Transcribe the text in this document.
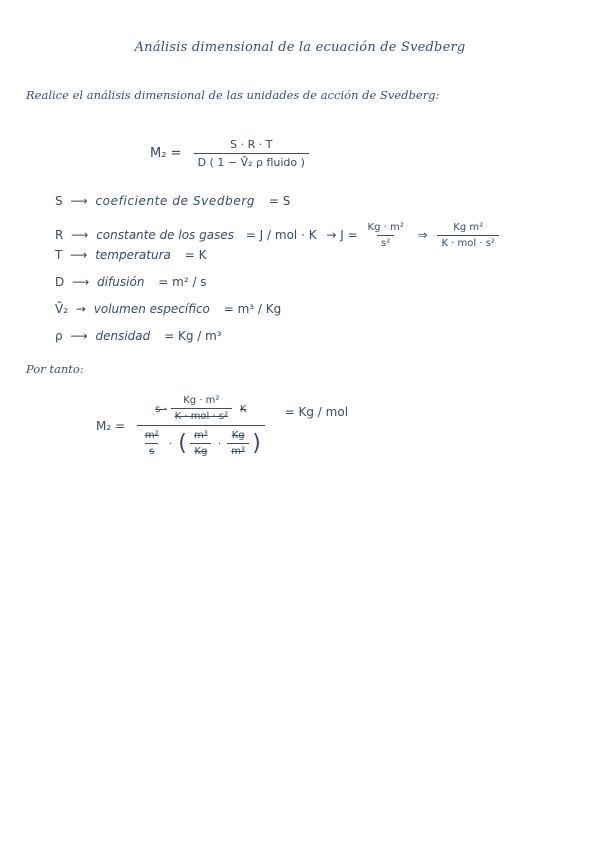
Análisis dimensional de la ecuación de Svedberg
Realice el análisis dimensional de las unidades de acción de Svedberg:
$M_2 = \frac{S \cdot R \cdot T}{\text{D ( 1 − Ṽ₂ ρ fluido )}}$
S ⟶ coeficiente de Svedberg = S
R ⟶ constante de los gases = J / mol · $K \to J = \frac{\text{Kg · m²}}{\text{s²}}$ ⇒ $\frac{\text{Kg m²}}{\text{K · mol · s²}}$
T ⟶ temperatura = K
D ⟶ difusión = m² / s
Ṽ₂ → volumen específico = m³ / Kg
ρ ⟶ densidad = Kg / m³
Por tanto:
M₂ =
$s \cdot \frac{\text{Kg · m²}}{\text{K · mol · s²}}$ K
$\frac{\text{m²}}{s}$ · ( $\frac{\text{m³}}{Kg} \cdot \frac{Kg}{\text{m³}}$ )
= Kg / mol
